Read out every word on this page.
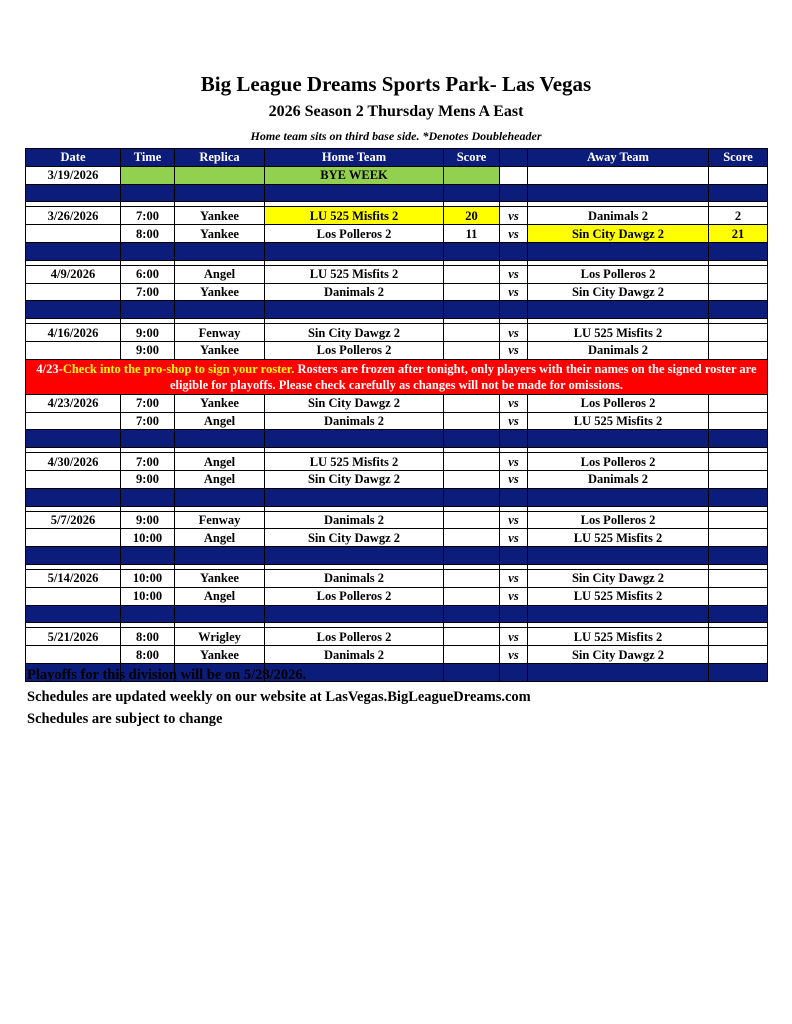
Big League Dreams Sports Park- Las Vegas
2026 Season 2 Thursday Mens A East

Home team sits on third base side. *Denotes Doubleheader

Date	Time	Replica	Home Team	Score		Away Team	Score
3/19/2026			BYE WEEK				

3/26/2026	7:00	Yankee	LU 525 Misfits 2	20	vs	Danimals 2	2
	8:00	Yankee	Los Polleros 2	11	vs	Sin City Dawgz 2	21

4/9/2026	6:00	Angel	LU 525 Misfits 2		vs	Los Polleros 2	
	7:00	Yankee	Danimals 2		vs	Sin City Dawgz 2	

4/16/2026	9:00	Fenway	Sin City Dawgz 2		vs	LU 525 Misfits 2	
	9:00	Yankee	Los Polleros 2		vs	Danimals 2	
4/23-Check into the pro-shop to sign your roster. Rosters are frozen after tonight, only players with their names on the signed roster are eligible for playoffs. Please check carefully as changes will not be made for omissions.							
4/23/2026	7:00	Yankee	Sin City Dawgz 2		vs	Los Polleros 2	
	7:00	Angel	Danimals 2		vs	LU 525 Misfits 2	

4/30/2026	7:00	Angel	LU 525 Misfits 2		vs	Los Polleros 2	
	9:00	Angel	Sin City Dawgz 2		vs	Danimals 2	

5/7/2026	9:00	Fenway	Danimals 2		vs	Los Polleros 2	
	10:00	Angel	Sin City Dawgz 2		vs	LU 525 Misfits 2	

5/14/2026	10:00	Yankee	Danimals 2		vs	Sin City Dawgz 2	
	10:00	Angel	Los Polleros 2		vs	LU 525 Misfits 2	

5/21/2026	8:00	Wrigley	Los Polleros 2		vs	LU 525 Misfits 2	
	8:00	Yankee	Danimals 2		vs	Sin City Dawgz 2	

Playoffs for this division will be on 5/28/2026.

Schedules are updated weekly on our website at LasVegas.BigLeagueDreams.com

Schedules are subject to change
